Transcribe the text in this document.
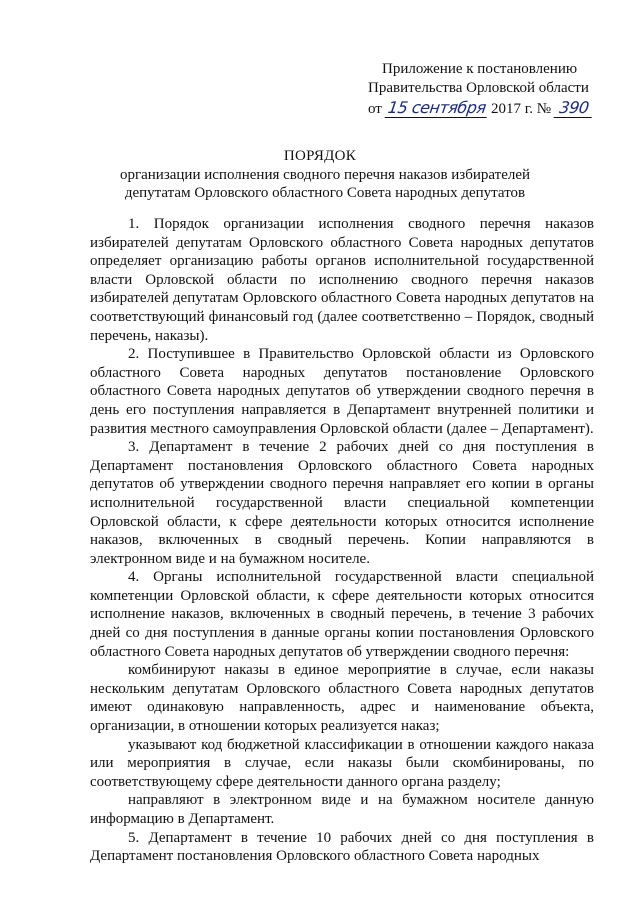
Приложение к постановлению
Правительства Орловской области
от 15 сентября 2017 г. № 390
ПОРЯДОК
организации исполнения сводного перечня наказов избирателей депутатам Орловского областного Совета народных депутатов

1. Порядок организации исполнения сводного перечня наказов избирателей депутатам Орловского областного Совета народных депутатов определяет организацию работы органов исполнительной государственной власти Орловской области по исполнению сводного перечня наказов избирателей депутатам Орловского областного Совета народных депутатов на соответствующий финансовый год (далее соответственно – Порядок, сводный перечень, наказы).

2. Поступившее в Правительство Орловской области из Орловского областного Совета народных депутатов постановление Орловского областного Совета народных депутатов об утверждении сводного перечня в день его поступления направляется в Департамент внутренней политики и развития местного самоуправления Орловской области (далее – Департамент).

3. Департамент в течение 2 рабочих дней со дня поступления в Департамент постановления Орловского областного Совета народных депутатов об утверждении сводного перечня направляет его копии в органы исполнительной государственной власти специальной компетенции Орловской области, к сфере деятельности которых относится исполнение наказов, включенных в сводный перечень. Копии направляются в электронном виде и на бумажном носителе.

4. Органы исполнительной государственной власти специальной компетенции Орловской области, к сфере деятельности которых относится исполнение наказов, включенных в сводный перечень, в течение 3 рабочих дней со дня поступления в данные органы копии постановления Орловского областного Совета народных депутатов об утверждении сводного перечня:

комбинируют наказы в единое мероприятие в случае, если наказы нескольким депутатам Орловского областного Совета народных депутатов имеют одинаковую направленность, адрес и наименование объекта, организации, в отношении которых реализуется наказ;

указывают код бюджетной классификации в отношении каждого наказа или мероприятия в случае, если наказы были скомбинированы, по соответствующему сфере деятельности данного органа разделу;

направляют в электронном виде и на бумажном носителе данную информацию в Департамент.

5. Департамент в течение 10 рабочих дней со дня поступления в Департамент постановления Орловского областного Совета народных
